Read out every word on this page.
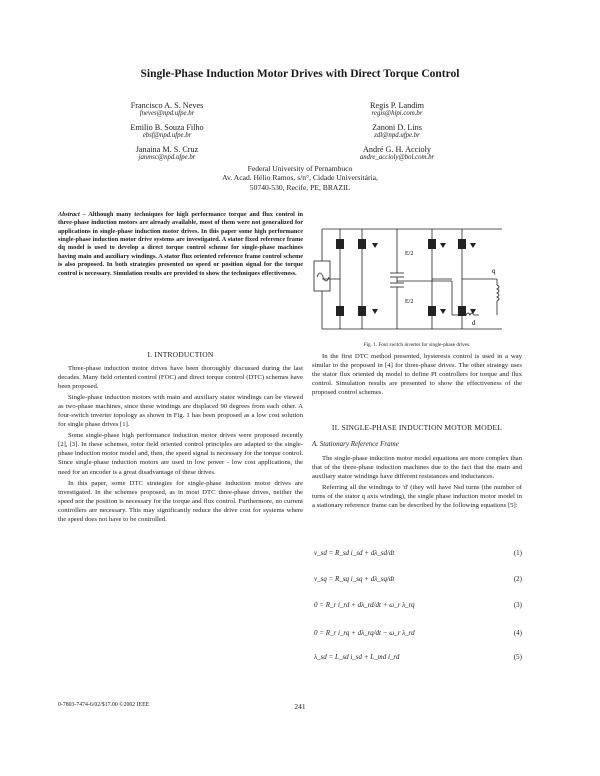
Single-Phase Induction Motor Drives with Direct Torque Control
Francisco A. S. Neves
fneves@npd.ufpe.br
Regis P. Landim
regis@hipi.com.br
Emilio B. Souza Filho
ebsf@npd.ufpe.br
Zanoni D. Lins
zdl@npd.ufpe.br
Janaina M. S. Cruz
janmsc@npd.ufpe.br
André G. H. Accioly
andre_accioly@bol.com.br
Federal University of Pernambuco
Av. Acad. Hélio Ramos, s/n°, Cidade Universitária,
50740-530, Recife, PE, BRAZIL
Abstract – Although many techniques for high performance torque and flux control in three-phase induction motors are already available, most of them were not generalized for applications in single-phase induction motor drives. In this paper some high performance single-phase induction motor drive systems are investigated. A stator fixed reference frame dq model is used to develop a direct torque control scheme for single-phase machines having main and auxiliary windings. A stator flux oriented reference frame control scheme is also proposed. In both strategies presented no speed or position signal for the torque control is necessary. Simulation results are provided to show the techniques effectiveness.
I. INTRODUCTION

Three-phase induction motor drives have been thoroughly discussed during the last decades. Many field oriented control (FOC) and direct torque control (DTC) schemes have been proposed.

Single-phase induction motors with main and auxiliary stator windings can be viewed as two-phase machines, since these windings are displaced 90 degrees from each other. A four-switch inverter topology as shown in Fig. 1 has been proposed as a low cost solution for single phase drives [1].

Some single-phase high performance induction motor drives were proposed recently [2], [3]. In these schemes, rotor field oriented control principles are adapted to the single-phase induction motor model and, then, the speed signal is necessary for the torque control. Since single-phase induction motors are used in low power - low cost applications, the need for an encoder is a great disadvantage of these drives.

In this paper, some DTC strategies for single-phase induction motor drives are investigated. In the schemes proposed, as in most DTC three-phase drives, neither the speed nor the position is necessary for the torque and flux control. Furthermore, no current controllers are necessary. This may significantly reduce the drive cost for systems where the speed does not have to be controlled.

E/2
E/2
q
d
Fig. 1. Four switch inverter for single-phase drives.

In the first DTC method presented, hysteresis control is used in a way similar to the proposed in [4] for three-phase drives. The other strategy uses the stator flux oriented dq model to define PI controllers for torque and flux control. Simulation results are presented to show the effectiveness of the proposed control schemes.

II. SINGLE-PHASE INDUCTION MOTOR MODEL
A. Stationary Reference Frame

The single-phase induction motor model equations are more complex than that of the three-phase induction machines due to the fact that the main and auxiliary stator windings have different resistances and inductances.

Referring all the windings to 'd' (they will have Nsd turns (the number of turns of the stator q axis winding), the single phase induction motor model in a stationary reference frame can be described by the following equations [5]:

v_sd = R_sd i_sd + dλ_sd/dt	(1)
v_sq = R_sq i_sq + dλ_sq/dt	(2)
0 = R_r i_rd + dλ_rd/dt + ω_r λ_rq	(3)
0 = R_r i_rq + dλ_rq/dt − ω_r λ_rd	(4)
λ_sd = L_sd i_sd + L_md i_rd	(5)
0-7803-7474-6/02/$17.00 ©2002 IEEE	241
